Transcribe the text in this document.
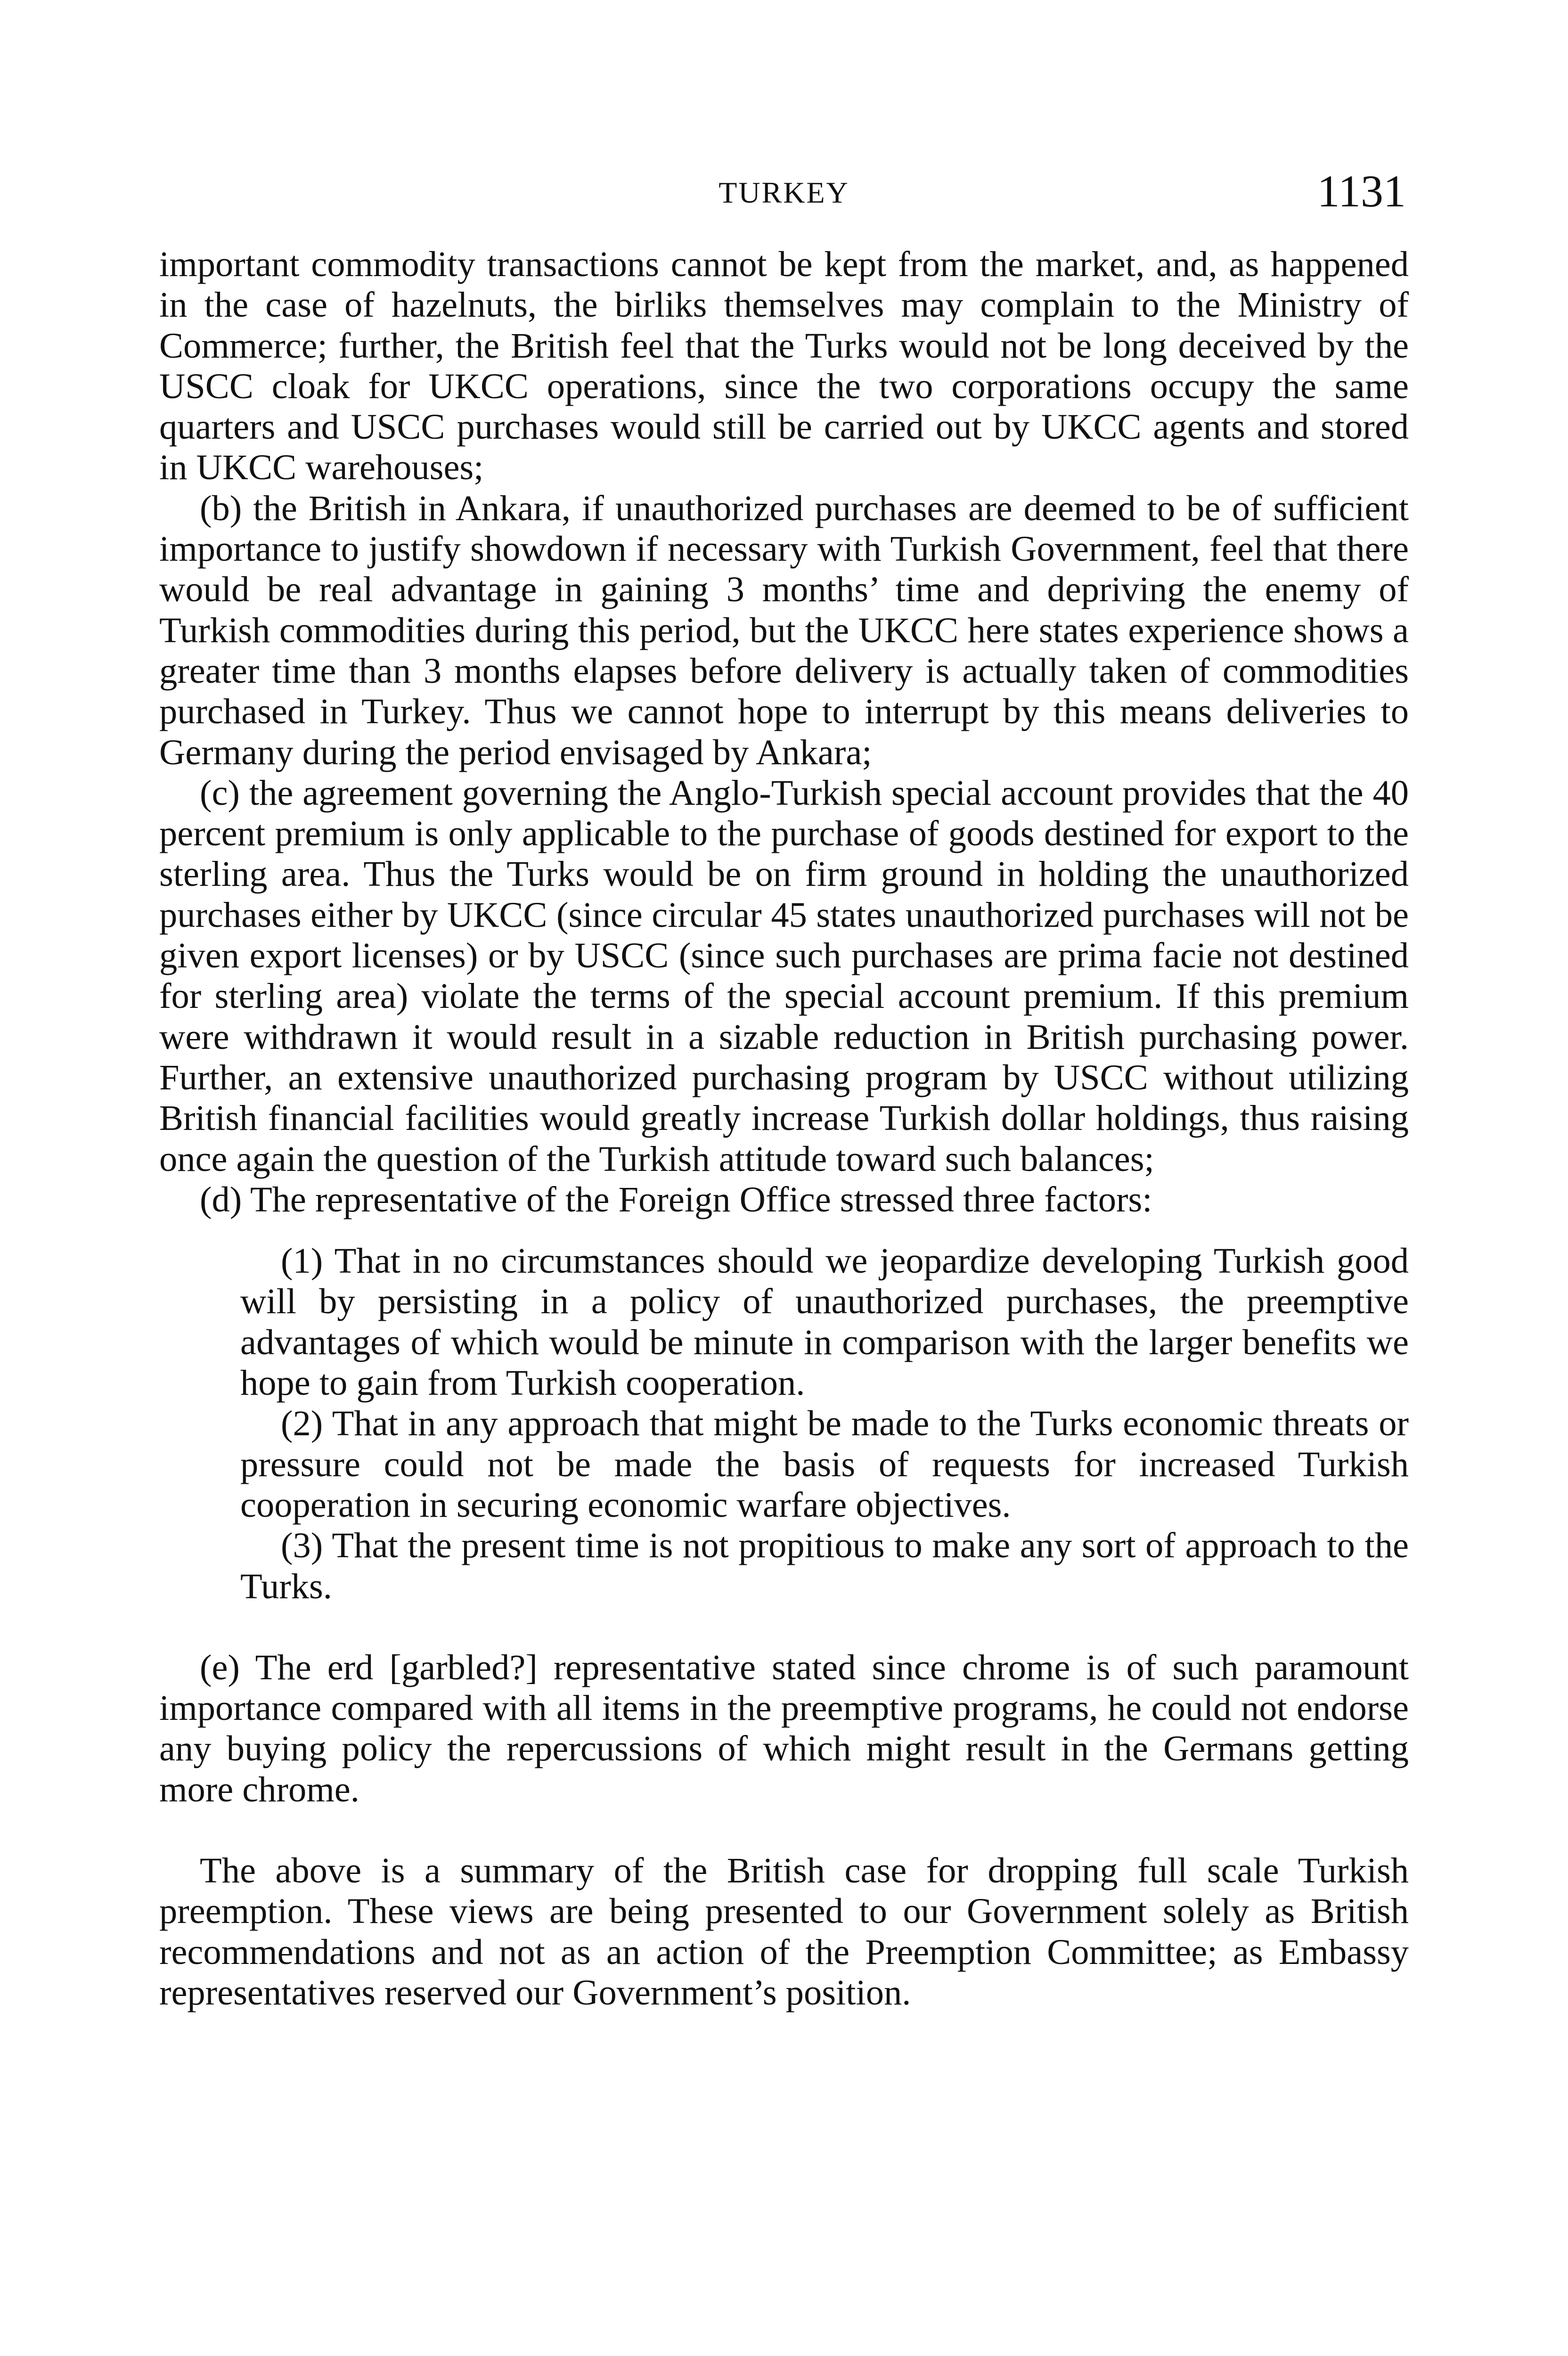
TURKEY	1131

important commodity transactions cannot be kept from the market, and, as happened in the case of hazelnuts, the birliks themselves may complain to the Ministry of Commerce; further, the British feel that the Turks would not be long deceived by the USCC cloak for UKCC operations, since the two corporations occupy the same quarters and USCC purchases would still be carried out by UKCC agents and stored in UKCC warehouses;

(b) the British in Ankara, if unauthorized purchases are deemed to be of sufficient importance to justify showdown if necessary with Turkish Government, feel that there would be real advantage in gaining 3 months’ time and depriving the enemy of Turkish commodities during this period, but the UKCC here states experience shows a greater time than 3 months elapses before delivery is actually taken of commodities purchased in Turkey. Thus we cannot hope to interrupt by this means deliveries to Germany during the period envisaged by Ankara;

(c) the agreement governing the Anglo-Turkish special account provides that the 40 percent premium is only applicable to the purchase of goods destined for export to the sterling area. Thus the Turks would be on firm ground in holding the unauthorized purchases either by UKCC (since circular 45 states unauthorized purchases will not be given export licenses) or by USCC (since such purchases are prima facie not destined for sterling area) violate the terms of the special account premium. If this premium were withdrawn it would result in a sizable reduction in British purchasing power. Further, an extensive unauthorized purchasing program by USCC without utilizing British financial facilities would greatly increase Turkish dollar holdings, thus raising once again the question of the Turkish attitude toward such balances;

(d) The representative of the Foreign Office stressed three factors:

(1) That in no circumstances should we jeopardize developing Turkish good will by persisting in a policy of unauthorized purchases, the preemptive advantages of which would be minute in comparison with the larger benefits we hope to gain from Turkish cooperation.

(2) That in any approach that might be made to the Turks economic threats or pressure could not be made the basis of requests for increased Turkish cooperation in securing economic warfare objectives.

(3) That the present time is not propitious to make any sort of approach to the Turks.

(e) The erd [garbled?] representative stated since chrome is of such paramount importance compared with all items in the preemptive programs, he could not endorse any buying policy the repercussions of which might result in the Germans getting more chrome.

The above is a summary of the British case for dropping full scale Turkish preemption. These views are being presented to our Government solely as British recommendations and not as an action of the Preemption Committee; as Embassy representatives reserved our Government’s position.
